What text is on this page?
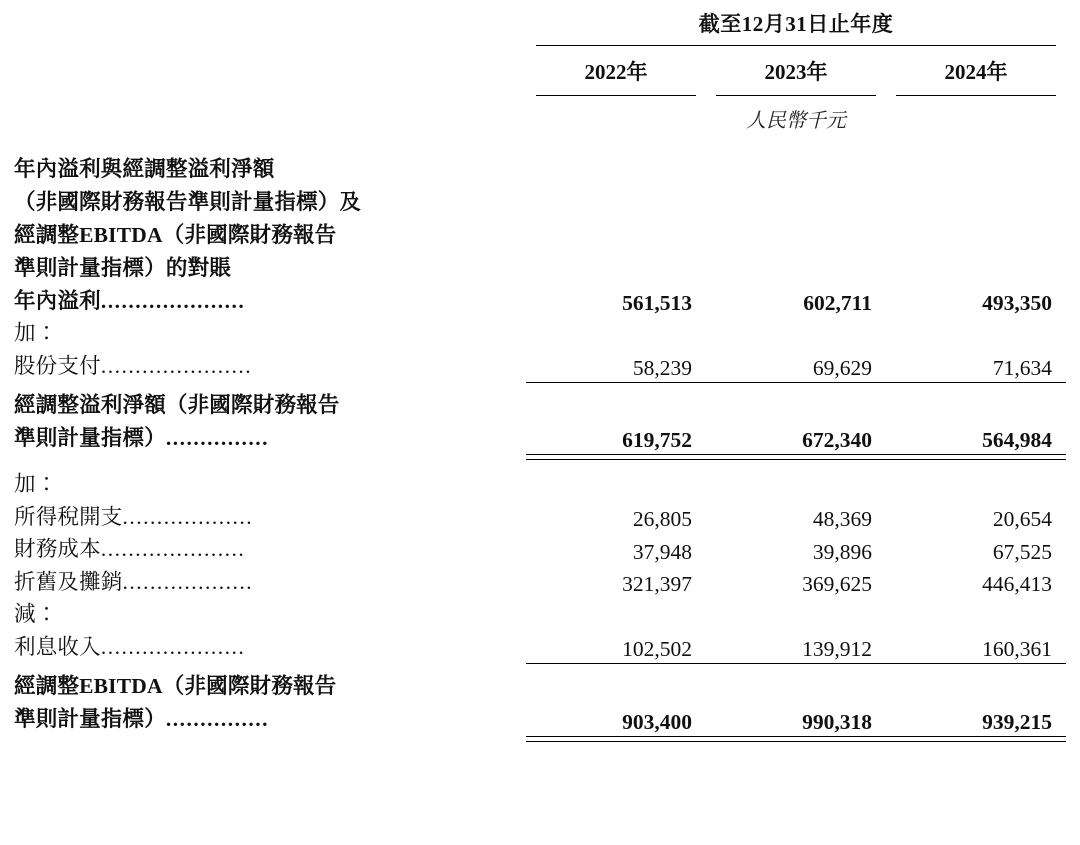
	截至12月31日止年度		

	2022年	2023年	2024年

	人民幣千元		

年內溢利與經調整溢利淨額			
（非國際財務報告準則計量指標）及			
經調整EBITDA（非國際財務報告			
準則計量指標）的對賬			
年內溢利.....................	561,513	602,711	493,350
加：			
股份支付......................	58,239	69,629	71,634

經調整溢利淨額（非國際財務報告			
準則計量指標）...............	619,752	672,340	564,984

加：			
所得稅開支...................	26,805	48,369	20,654
財務成本.....................	37,948	39,896	67,525
折舊及攤銷...................	321,397	369,625	446,413
減：			
利息收入.....................	102,502	139,912	160,361

經調整EBITDA（非國際財務報告			
準則計量指標）...............	903,400	990,318	939,215
